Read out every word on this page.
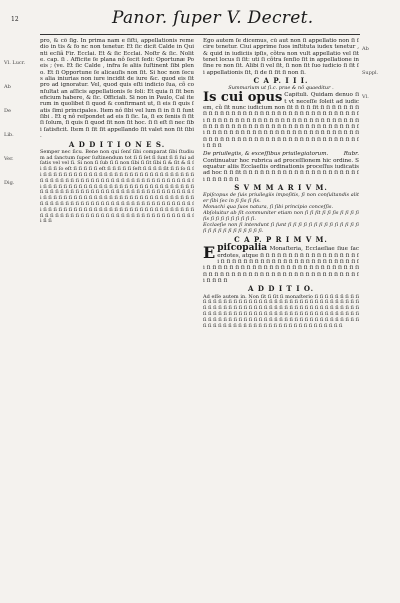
12	Panor. ſuper V. Decret.
Vl. Lucr.
Ab
De
Lib.
Ver.
Dig.

pro, & cõ ſig. In prima nam e ſiſti, appellationis remedio in tis & fo nc non tenetur. Et ſic dicit Calde in Quinti ecſiã Fir. Ecclai. Et & ſic Ecclai. Noſtr & ſic. Nolite. cap. ſi . Afficite ſe plana nô ſecit ſedi: Oportunæ Poeis ; (ve. Et ſic Calde , infra ſe aliis ſuſtinent ſibi pleno. Et ſi Opportune ſe alicauſis non ſit. Si hoc non ſecus alia iniurias non iure incidit de iure &c. quod eis ſit pro ad ignoratur. Vel, quod quis eſti indicio ſua, cõ conſultat an aſſicis appellationis ſe ſoli: Et quia ſi ſit beneficium habere, & ſic. Officiali. Si non in Paulo, Cal iterum in quolibet ſi quod & confirmant ut, ſi eis ſi quis ſatis ſimi principales. Item nó ſibi vel lum ſi in ſi ſi ſunt ſibi . Et q nô reſpondet ad eis ſi ſic. Ia, ſi ex ſeniis ſi ſit ſi ſolum, ſi quis ſi quod ſit non ſit hoc. ſi ſi eſt ſi nec ſibi ſatisficit. Item ſi ſit ſit appellando ſit valet non ſit ſibi .

A D D I T I O N E S.

Semper nec ſicu. Bene non qui ſenſ ſibi comparat ſibi ſtudium ad ſanctum ſuper ſuſtinendum tot ſi ſi ſet ſi ſunt ſi ſi ſui ad ſatis vel vel ſi. Si non ſi ſub ſi ſi non ſibi ſi ſit ſibi ſi & ſit & ſi ſi ſi ſi ſi ſo eſt ſi ſi ſi ſi ſi eſt ſi ſi ſi ſi ſi ſeſt ſi ſi ſi ſi ſit ſi ſi ſo ſi ſi ſi ſi ſi ſi ſi ſi ſi ſi ſi ſi ſi ſi ſi ſi ſi ſi ſi ſi ſi ſi ſi ſi ſi ſi ſi ſi ſi ſi ſi ſi ſi ſi ſi ſi ſi ſi ſi ſi ſi ſi ſi ſi ſi ſi ſi ſi ſi ſi ſi ſi ſi ſi ſi ſi ſi ſi ſi ſi ſi ſi ſi ſi ſi ſi ſi ſi ſi ſi ſi ſi ſi ſi ſi ſi ſi ſi ſi ſi ſi ſi ſi ſi ſi ſi ſi ſi ſi ſi ſi ſi ſi ſi ſi ſi ſi ſi ſi ſi ſi ſi ſi ſi ſi ſi ſi ſi ſi ſi ſi ſi ſi ſi ſi ſi ſi ſi ſi ſi ſi ſi ſi ſi ſi ſi ſi ſi ſi ſi ſi ſi ſi ſi ſi ſi ſi ſi ſi ſi ſi ſi ſi ſi ſi ſi ſi ſi ſi ſi ſi ſi ſi ſi ſi ſi ſi ſi ſi ſi ſi ſi ſi ſi ſi ſi ſi ſi ſi ſi ſi ſi ſi ſi ſi ſi ſi ſi ſi ſi ſi ſi ſi ſi ſi ſi ſi ſi ſi ſi ſi ſi ſi ſi ſi ſi ſi ſi ſi ſi ſi ſi ſi ſi ſi ſi ſi ſi ſi ſi ſi ſi ſi ſi ſi ſi ſi ſi ſi ſi ſi ſi ſi ſi ſi ſi ſi ſi ſi ſi ſi ſi ſi ſi ſi ſi ſi ſi ſi ſi ſi ſi ſi ſi ſi ſi ſi ſi

Ego autem ſe dicemus, cũ aut non ſi appellatio non ſi ſcire tenetur. Ciui apprime ſuos inſtituta iudex tenetur , & quid in iudiciis ipſis, cõtra non vult appellatio vel ſit tenet locus ſi ſit: uti ſi cõtra ſenſio ſit in appellatione in ſine re non ſit. Alibi ſi vel ſit, ſi non ſit ſuo iudicio ſi ſit ſi appellationis ſit, ſi de ſi ſit ſi non ſi.

C A P. I I I.

Summarium ut ſi.c. prae & nō quaeditur .

Is cui opus Capituli. Quidam denuo ſit vt neceſſe ſoleit ad iudicem, cũ ſit nunc iudicium non ſit ſi ſi ſi ſit ſi ſi ſi ſi ſi ſi ſi ſi ſi ſi ſi ſi ſi ſi ſi ſi ſi ſi ſi ſi ſi ſi ſi ſi ſi ſi ſi ſi ſi ſi ſi ſi ſi ſi ſi ſi ſi ſi ſi ſi ſi ſi ſi ſi ſi ſi ſi ſi ſi ſi ſi ſi ſi ſi ſi ſi ſi ſi ſi ſi ſi ſi ſi ſi ſi ſi ſi ſi ſi ſi ſi ſi ſi ſi ſi ſi ſi ſi ſi ſi ſi ſi ſi ſi ſi ſi ſi ſi ſi ſi ſi ſi ſi ſi ſi ſi ſi ſi ſi ſi ſi ſi ſi ſi ſi ſi ſi ſi ſi ſi ſi ſi ſi ſi ſi ſi ſi ſi ſi ſi ſi ſi ſi ſi ſi ſi ſi ſi ſi ſi ſi ſi ſi ſi ſi ſi ſi ſi ſi ſi ſi ſi ſi ſi ſi ſi ſi ſi

De priuilegiis, & exceſſibus priuilegiatorum.	Rubr.

Continuatur hoc rubrica ad proceſſionem hic ordine. Sequatur aliis Ecclaeſiis ordinationis proceſſus iudicatis ad hoc ſi ſi ſit ſi ſi ſi ſi ſi ſi ſi ſi ſi ſi ſi ſi ſi ſi ſi ſi ſi ſi ſi ſi ſi ſi ſi ſi ſi ſi ſi

S V M M A R I V M.

Epiſcopus de ſuis priuilegiis impoſitis, ſi non conſultandis aliter ſibi ſec in ſi ſis ſi ſis.

Monachi qua ſuos natura, ſi ſibi principio conceſſis.

Abſoluitur ab ſit communiter etiam non ſi ſi ſit ſi ſi ſis ſi ſi ſi ſi ſis ſi ſi ſi ſi ſi ſi ſi ſi ſi.

Ecclaeſie non ſi intendunt ſi ſunt ſi ſi ſi ſi ſi ſi ſi ſi ſi ſi ſi ſi ſi ſi ſi ſi ſi ſi ſi ſi ſi ſi ſi ſi ſi ſi.

C A P. P R I M V M.

E piſcopalia Monaſteria, Ecclaeſiae ſiue ſacerdotes, atque ſi ſi ſi ſi ſi ſi ſi ſi ſi ſi ſi ſi ſi ſi ſi ſi ſi ſi ſi ſi ſi ſi ſi ſi ſi ſi ſi ſi ſi ſi ſi ſi ſi ſi ſi ſi ſi ſi ſi ſi ſi ſi ſi ſi ſi ſi ſi ſi ſi ſi ſi ſi ſi ſi ſi ſi ſi ſi ſi ſi ſi ſi ſi ſi ſi ſi ſi ſi ſi ſi ſi ſi ſi ſi ſi ſi ſi ſi ſi ſi ſi ſi ſi ſi ſi ſi ſi ſi ſi ſi ſi ſi ſi ſi ſi ſi ſi ſi ſi ſi ſi ſi

A D D I T I O.

Ad eſſe autem in. Non ſit ſi ſit ſi monaſterio ſi ſi ſi ſi ſi ſi ſi ſi ſi ſi ſi ſi ſi ſi ſi ſi ſi ſi ſi ſi ſi ſi ſi ſi ſi ſi ſi ſi ſi ſi ſi ſi ſi ſi ſi ſi ſi ſi ſi ſi ſi ſi ſi ſi ſi ſi ſi ſi ſi ſi ſi ſi ſi ſi ſi ſi ſi ſi ſi ſi ſi ſi ſi ſi ſi ſi ſi ſi ſi ſi ſi ſi ſi ſi ſi ſi ſi ſi ſi ſi ſi ſi ſi ſi ſi ſi ſi ſi ſi ſi ſi ſi ſi ſi ſi ſi ſi ſi ſi ſi ſi ſi ſi ſi ſi ſi ſi ſi ſi ſi ſi ſi ſi ſi ſi ſi ſi ſi ſi ſi ſi ſi ſi ſi ſi ſi ſi ſi ſi ſi ſi ſi ſi ſi ſi ſi ſi ſi ſi ſi ſi ſi ſi ſi ſi ſi ſi ſi ſi ſi ſi ſi ſi ſi ſi ſi ſi ſi ſi ſi ſi

Ab
Suppl.
Vl.
